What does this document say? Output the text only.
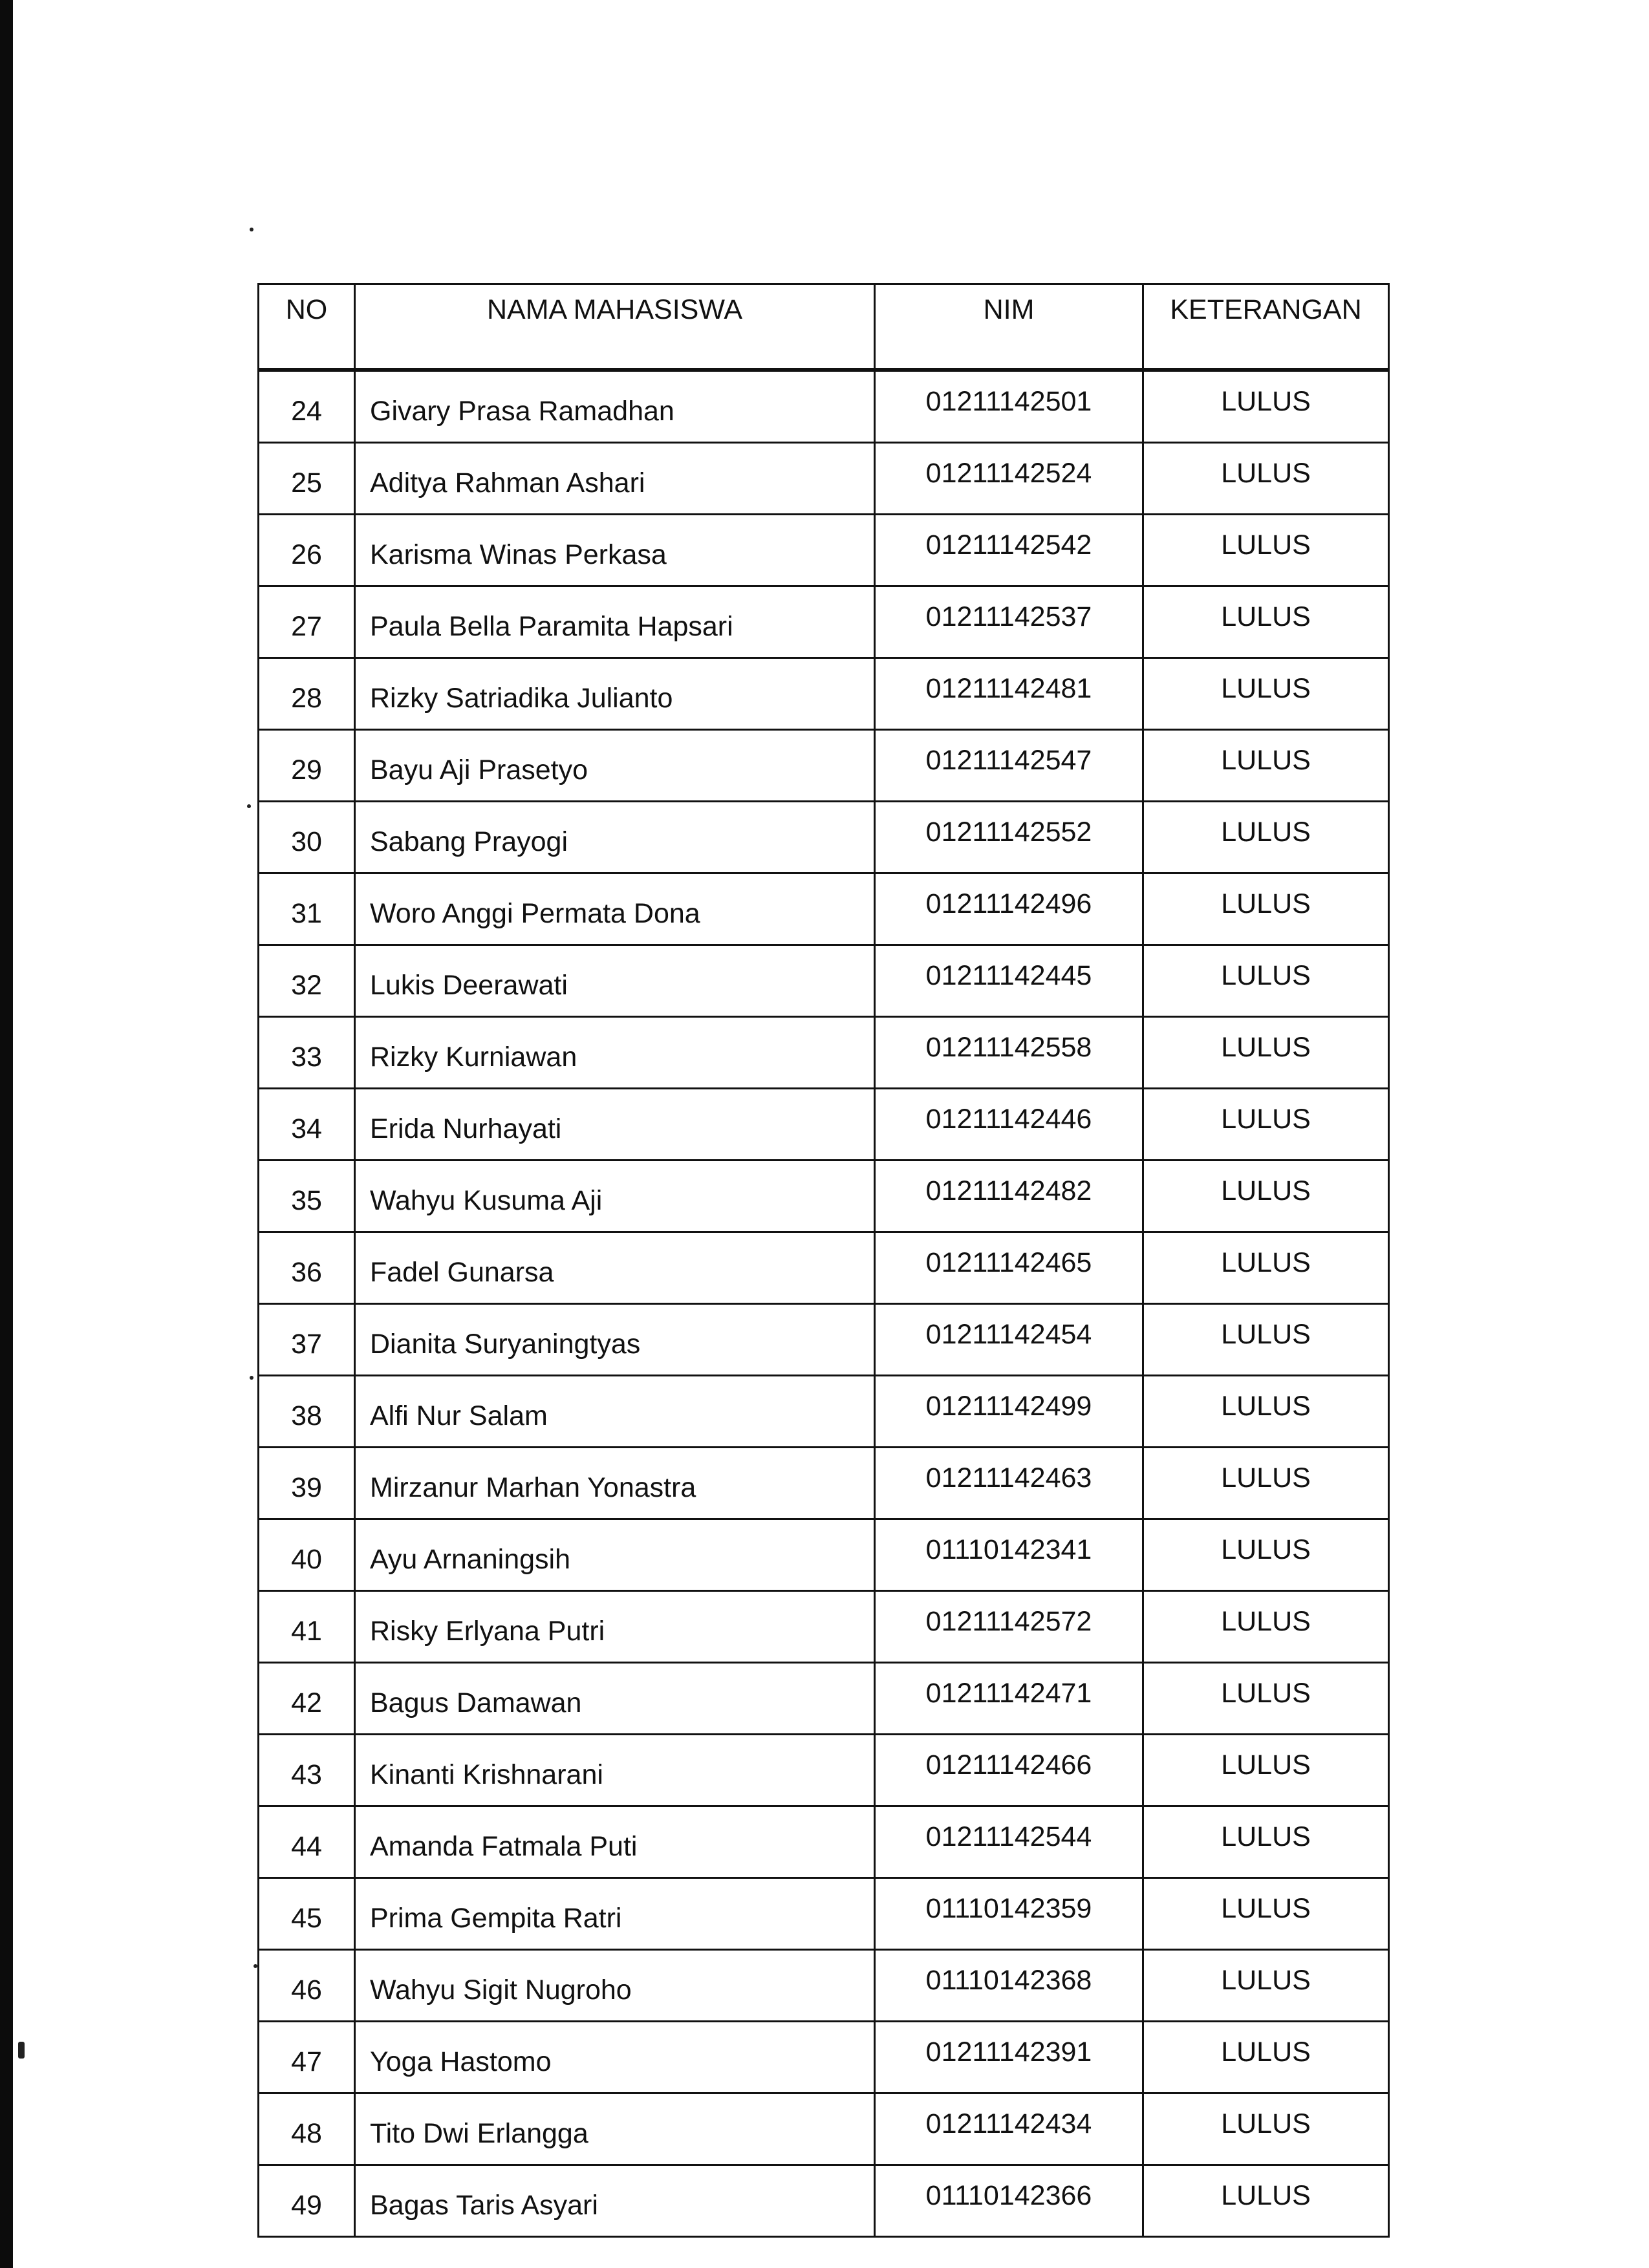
NO	NAMA MAHASISWA	NIM	KETERANGAN
24	Givary Prasa Ramadhan	01211142501	LULUS
25	Aditya Rahman Ashari	01211142524	LULUS
26	Karisma Winas Perkasa	01211142542	LULUS
27	Paula Bella Paramita Hapsari	01211142537	LULUS
28	Rizky Satriadika Julianto	01211142481	LULUS
29	Bayu Aji Prasetyo	01211142547	LULUS
30	Sabang Prayogi	01211142552	LULUS
31	Woro Anggi Permata Dona	01211142496	LULUS
32	Lukis Deerawati	01211142445	LULUS
33	Rizky Kurniawan	01211142558	LULUS
34	Erida Nurhayati	01211142446	LULUS
35	Wahyu Kusuma Aji	01211142482	LULUS
36	Fadel Gunarsa	01211142465	LULUS
37	Dianita Suryaningtyas	01211142454	LULUS
38	Alfi Nur Salam	01211142499	LULUS
39	Mirzanur Marhan Yonastra	01211142463	LULUS
40	Ayu Arnaningsih	01110142341	LULUS
41	Risky Erlyana Putri	01211142572	LULUS
42	Bagus Damawan	01211142471	LULUS
43	Kinanti Krishnarani	01211142466	LULUS
44	Amanda Fatmala Puti	01211142544	LULUS
45	Prima Gempita Ratri	01110142359	LULUS
46	Wahyu Sigit Nugroho	01110142368	LULUS
47	Yoga Hastomo	01211142391	LULUS
48	Tito Dwi Erlangga	01211142434	LULUS
49	Bagas Taris Asyari	01110142366	LULUS
